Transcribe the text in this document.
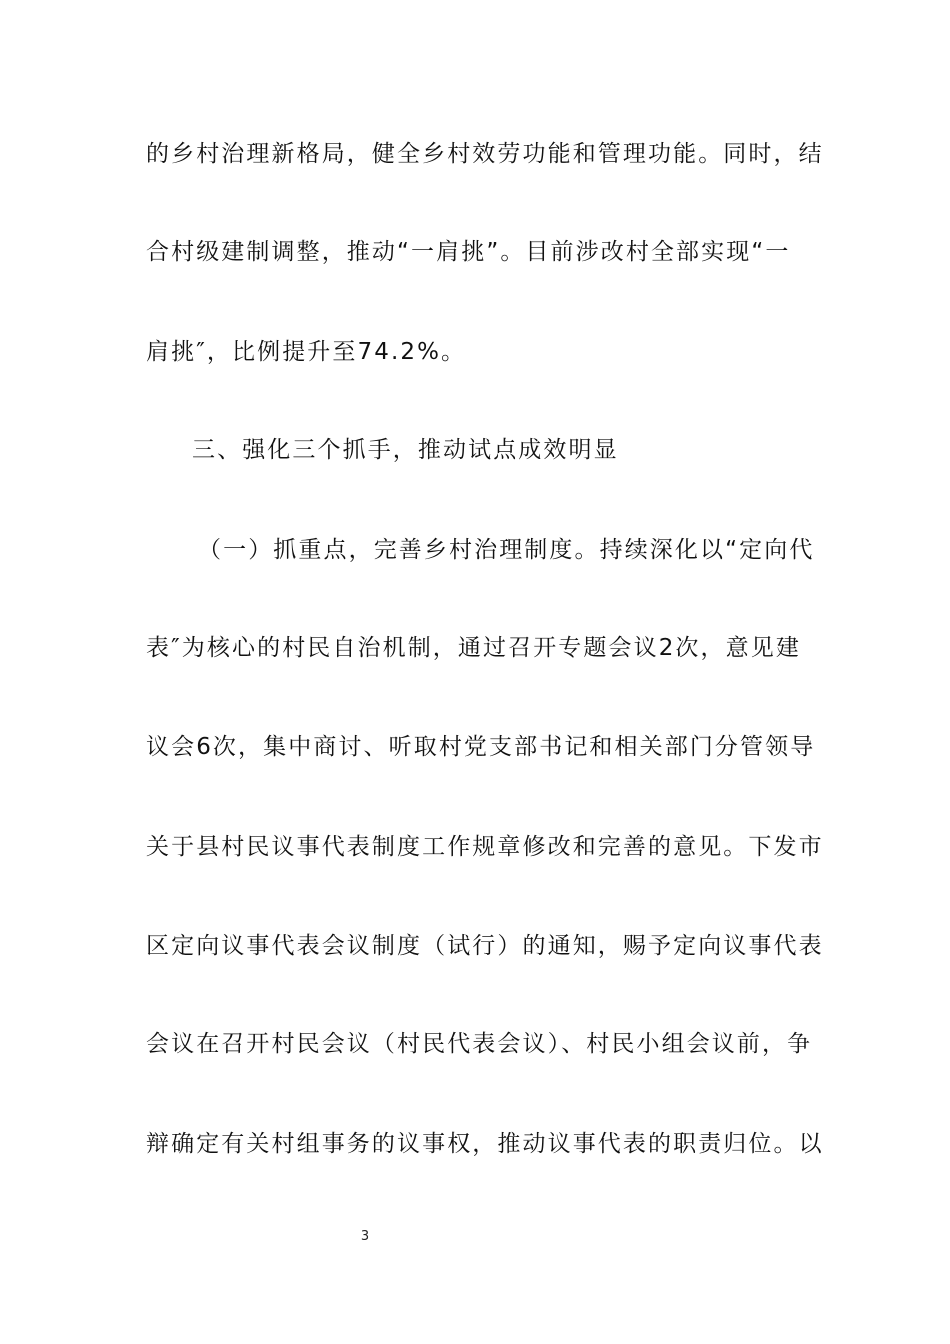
的乡村治理新格局，健全乡村效劳功能和管理功能。同时，结
合村级建制调整，推动“一肩挑”。目前涉改村全部实现“一
肩挑″，比例提升至74.2%。
三、强化三个抓手，推动试点成效明显
（一）抓重点，完善乡村治理制度。持续深化以“定向代
表″为核心的村民自治机制，通过召开专题会议2次，意见建
议会6次，集中商讨、听取村党支部书记和相关部门分管领导
关于县村民议事代表制度工作规章修改和完善的意见。下发市
区定向议事代表会议制度（试行）的通知，赐予定向议事代表
会议在召开村民会议（村民代表会议）、村民小组会议前，争
辩确定有关村组事务的议事权，推动议事代表的职责归位。以
3
